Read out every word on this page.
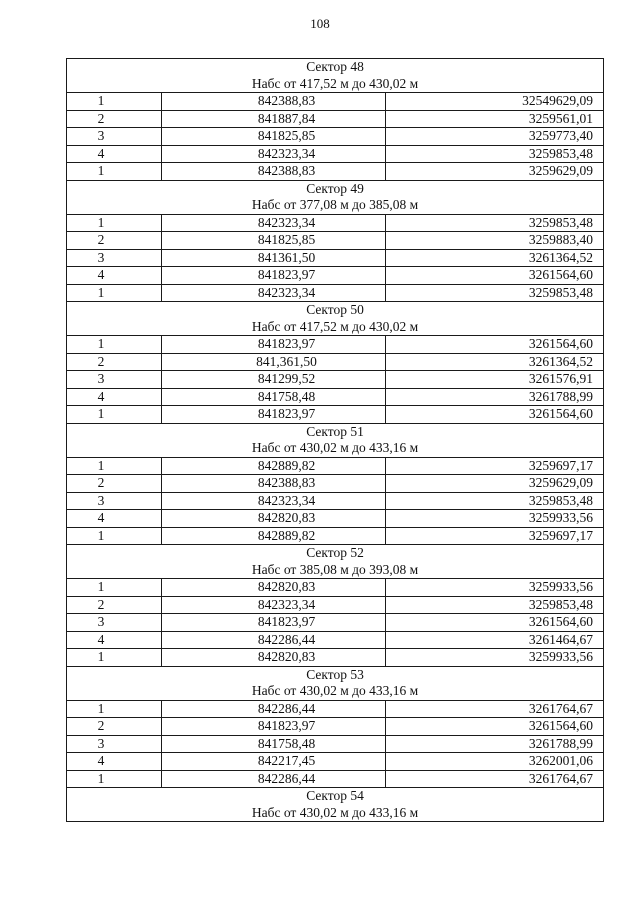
108
Сектор 48		
Набс от 417,52 м до 430,02 м		
1	842388,83	32549629,09
2	841887,84	3259561,01
3	841825,85	3259773,40
4	842323,34	3259853,48
1	842388,83	3259629,09
Сектор 49		
Набс от 377,08 м до 385,08 м		
1	842323,34	3259853,48
2	841825,85	3259883,40
3	841361,50	3261364,52
4	841823,97	3261564,60
1	842323,34	3259853,48
Сектор 50		
Набс от 417,52 м до 430,02 м		
1	841823,97	3261564,60
2	841,361,50	3261364,52
3	841299,52	3261576,91
4	841758,48	3261788,99
1	841823,97	3261564,60
Сектор 51		
Набс от 430,02 м до 433,16 м		
1	842889,82	3259697,17
2	842388,83	3259629,09
3	842323,34	3259853,48
4	842820,83	3259933,56
1	842889,82	3259697,17
Сектор 52		
Набс от 385,08 м до 393,08 м		
1	842820,83	3259933,56
2	842323,34	3259853,48
3	841823,97	3261564,60
4	842286,44	3261464,67
1	842820,83	3259933,56
Сектор 53		
Набс от 430,02 м до 433,16 м		
1	842286,44	3261764,67
2	841823,97	3261564,60
3	841758,48	3261788,99
4	842217,45	3262001,06
1	842286,44	3261764,67
Сектор 54		
Набс от 430,02 м до 433,16 м		
